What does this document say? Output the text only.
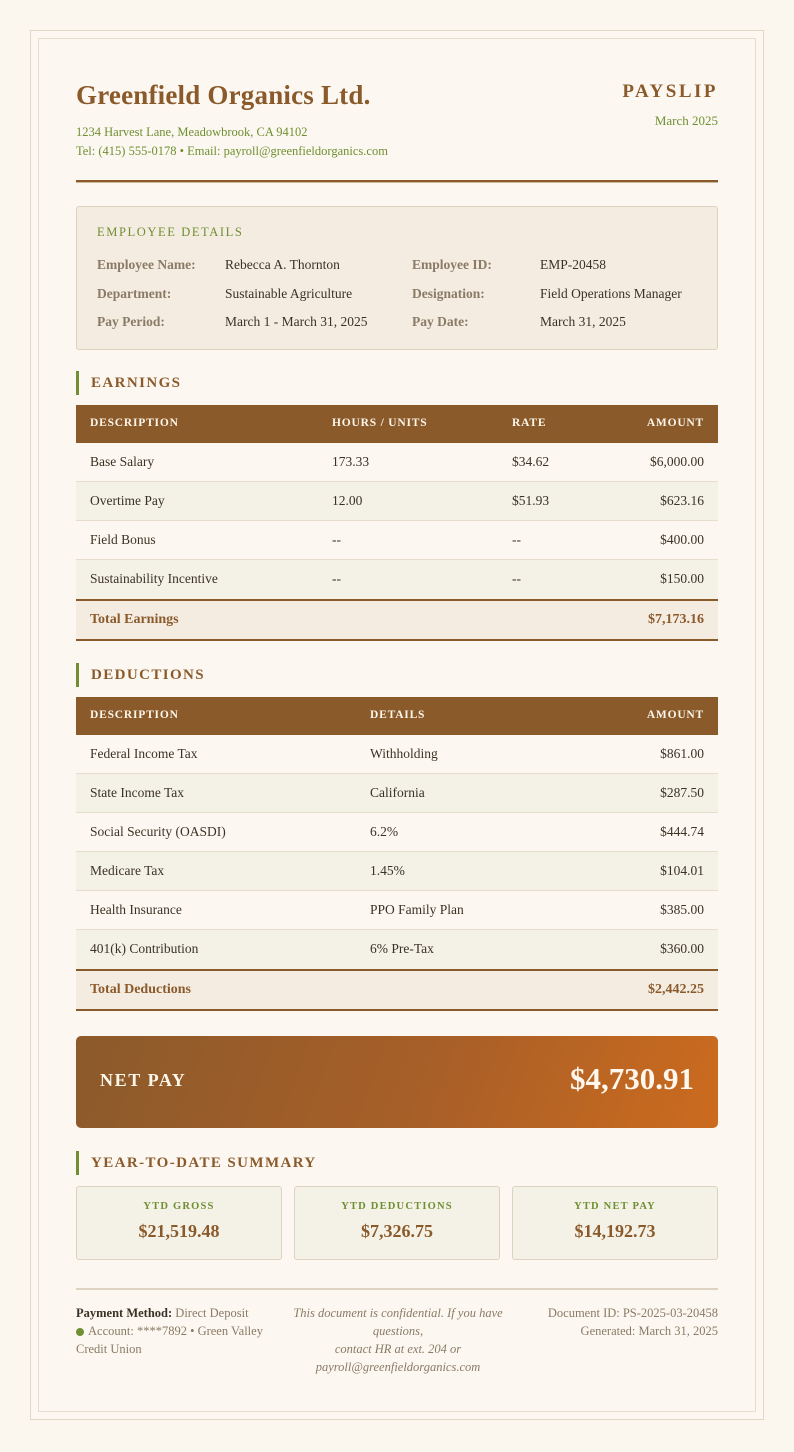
Greenfield Organics Ltd.
1234 Harvest Lane, Meadowbrook, CA 94102
Tel: (415) 555-0178 • Email: payroll@greenfieldorganics.com
PAYSLIP
March 2025
EMPLOYEE DETAILS
Employee Name: Rebecca A. Thornton	Employee ID:	EMP-20458
Department:	Sustainable Agriculture	Designation:	Field Operations Manager
Pay Period:	March 1 - March 31, 2025	Pay Date:	March 31, 2025
EARNINGS
DESCRIPTION	HOURS / UNITS	RATE	AMOUNT
Base Salary	173.33	$34.62	$6,000.00
Overtime Pay	12.00	$51.93	$623.16
Field Bonus	--	--	$400.00
Sustainability Incentive	--	--	$150.00
Total Earnings	$7,173.16
DEDUCTIONS
DESCRIPTION	DETAILS	AMOUNT
Federal Income Tax	Withholding	$861.00
State Income Tax	California	$287.50
Social Security (OASDI)	6.2%	$444.74
Medicare Tax	1.45%	$104.01
Health Insurance	PPO Family Plan	$385.00
401(k) Contribution	6% Pre-Tax	$360.00
Total Deductions	$2,442.25
NET PAY	$4,730.91
YEAR-TO-DATE SUMMARY
YTD GROSS
$21,519.48
YTD DEDUCTIONS
$7,326.75
YTD NET PAY
$14,192.73
Payment Method: Direct Deposit
Account: ****7892 • Green Valley Credit Union
This document is confidential. If you have questions,
contact HR at ext. 204 or payroll@greenfieldorganics.com
Document ID: PS-2025-03-20458
Generated: March 31, 2025
